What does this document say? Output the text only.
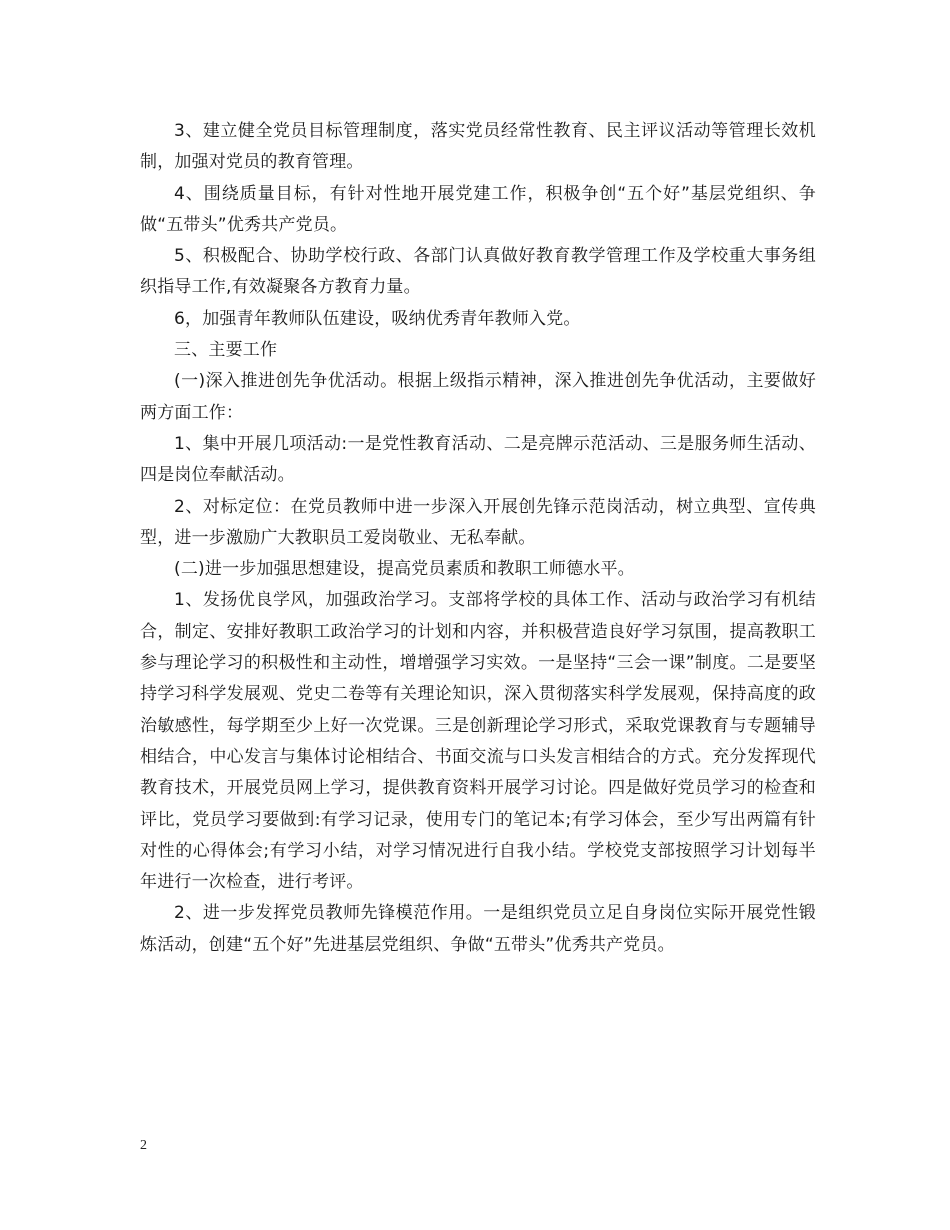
3、建立健全党员目标管理制度，落实党员经常性教育、民主评议活动等管理长效机制，加强对党员的教育管理。

4、围绕质量目标，有针对性地开展党建工作，积极争创“五个好”基层党组织、争做“五带头”优秀共产党员。

5、积极配合、协助学校行政、各部门认真做好教育教学管理工作及学校重大事务组织指导工作,有效凝聚各方教育力量。

6，加强青年教师队伍建设，吸纳优秀青年教师入党。

三、主要工作

(一)深入推进创先争优活动。根据上级指示精神，深入推进创先争优活动，主要做好两方面工作：

1、集中开展几项活动:一是党性教育活动、二是亮牌示范活动、三是服务师生活动、四是岗位奉献活动。

2、对标定位：在党员教师中进一步深入开展创先锋示范岗活动，树立典型、宣传典型，进一步激励广大教职员工爱岗敬业、无私奉献。

(二)进一步加强思想建设，提高党员素质和教职工师德水平。

1、发扬优良学风，加强政治学习。支部将学校的具体工作、活动与政治学习有机结合，制定、安排好教职工政治学习的计划和内容，并积极营造良好学习氛围，提高教职工参与理论学习的积极性和主动性，增增强学习实效。一是坚持“三会一课”制度。二是要坚持学习科学发展观、党史二卷等有关理论知识，深入贯彻落实科学发展观，保持高度的政治敏感性，每学期至少上好一次党课。三是创新理论学习形式，采取党课教育与专题辅导相结合，中心发言与集体讨论相结合、书面交流与口头发言相结合的方式。充分发挥现代教育技术，开展党员网上学习，提供教育资料开展学习讨论。四是做好党员学习的检查和评比，党员学习要做到:有学习记录，使用专门的笔记本;有学习体会，至少写出两篇有针对性的心得体会;有学习小结，对学习情况进行自我小结。学校党支部按照学习计划每半年进行一次检查，进行考评。

2、进一步发挥党员教师先锋模范作用。一是组织党员立足自身岗位实际开展党性锻炼活动，创建“五个好”先进基层党组织、争做“五带头”优秀共产党员。

2
